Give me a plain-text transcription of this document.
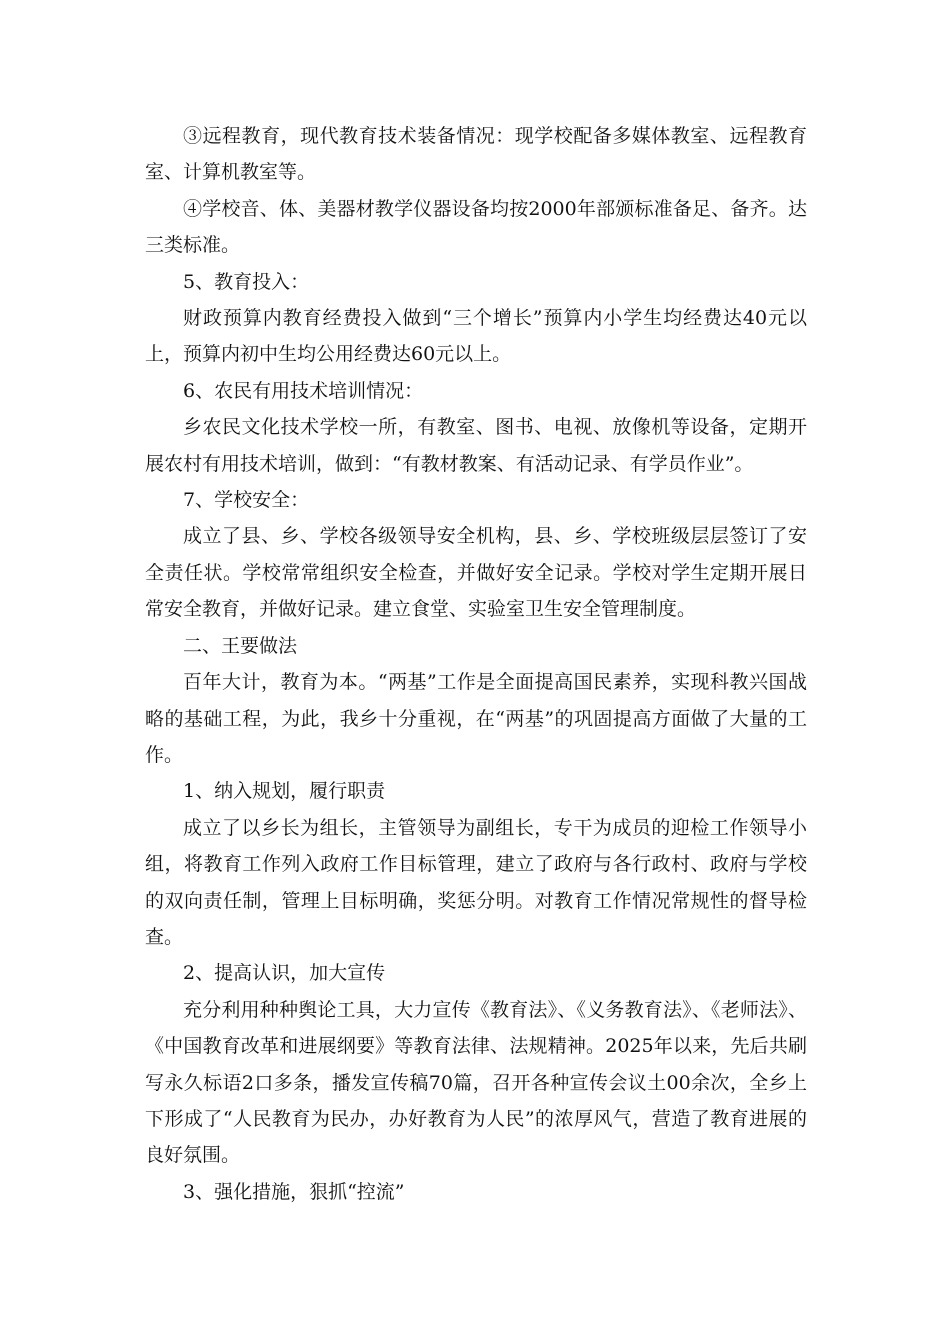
③远程教育，现代教育技术装备情况：现学校配备多媒体教室、远程教育室、计算机教室等。

④学校音、体、美器材教学仪器设备均按2000年部颁标准备足、备齐。达三类标准。

5、教育投入：

财政预算内教育经费投入做到“三个增长”预算内小学生均经费达40元以上，预算内初中生均公用经费达60元以上。

6、农民有用技术培训情况：

乡农民文化技术学校一所，有教室、图书、电视、放像机等设备，定期开展农村有用技术培训，做到：“有教材教案、有活动记录、有学员作业”。

7、学校安全：

成立了县、乡、学校各级领导安全机构，县、乡、学校班级层层签订了安全责任状。学校常常组织安全检查，并做好安全记录。学校对学生定期开展日常安全教育，并做好记录。建立食堂、实验室卫生安全管理制度。

二、王要做法

百年大计，教育为本。“两基”工作是全面提高国民素养，实现科教兴国战略的基础工程，为此，我乡十分重视，在“两基”的巩固提高方面做了大量的工作。

1、纳入规划，履行职责

成立了以乡长为组长，主管领导为副组长，专干为成员的迎检工作领导小组，将教育工作列入政府工作目标管理，建立了政府与各行政村、政府与学校的双向责任制，管理上目标明确，奖惩分明。对教育工作情况常规性的督导检查。

2、提高认识，加大宣传

充分利用种种舆论工具，大力宣传《教育法》、《义务教育法》、《老师法》、《中国教育改革和进展纲要》等教育法律、法规精神。2025年以来，先后共刷写永久标语2口多条，播发宣传稿70篇，召开各种宣传会议土00余次，全乡上下形成了“人民教育为民办，办好教育为人民”的浓厚风气，营造了教育进展的良好氛围。

3、强化措施，狠抓“控流”
